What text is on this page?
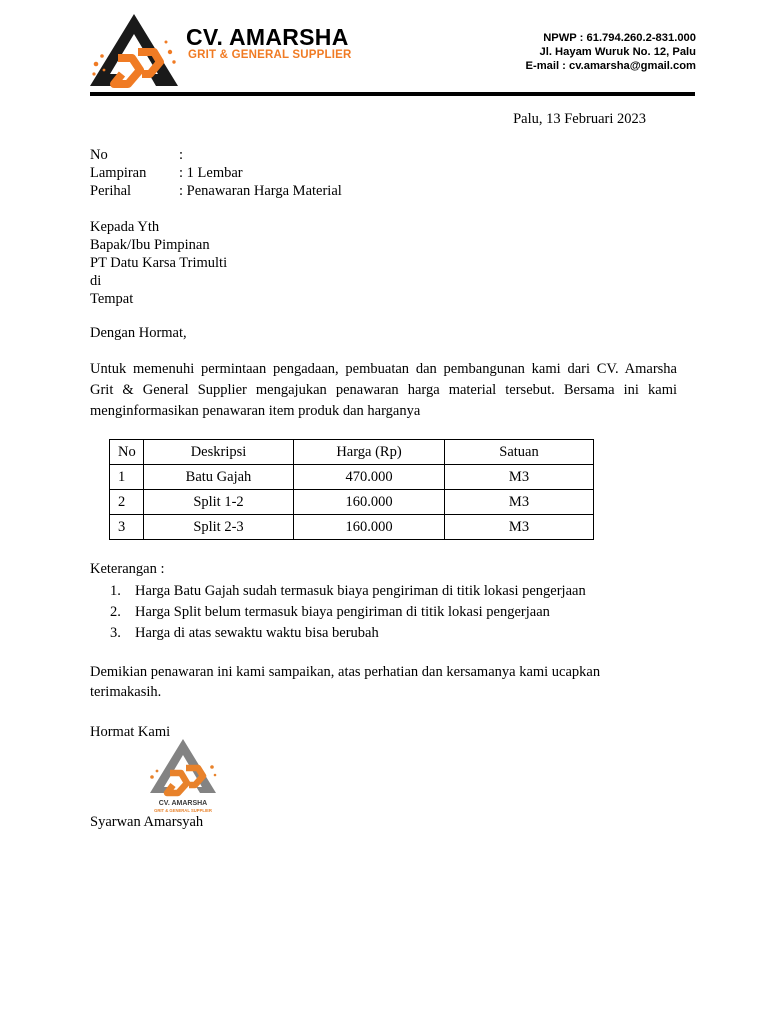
CV. AMARSHA
GRIT & GENERAL SUPPLIER
NPWP : 61.794.260.2-831.000
Jl. Hayam Wuruk No. 12, Palu
E-mail : cv.amarsha@gmail.com
Palu, 13 Februari 2023
No	:
Lampiran	: 1 Lembar
Perihal	: Penawaran Harga Material
Kepada Yth
Bapak/Ibu Pimpinan
PT Datu Karsa Trimulti
di
Tempat
Dengan Hormat,
Untuk memenuhi permintaan pengadaan, pembuatan dan pembangunan kami dari CV. Amarsha
Grit & General Supplier mengajukan penawaran harga material tersebut. Bersama ini kami
menginformasikan penawaran item produk dan harganya
No	Deskripsi	Harga (Rp)	Satuan
1	Batu Gajah	470.000	M3
2	Split 1-2	160.000	M3
3	Split 2-3	160.000	M3
Keterangan :
1. Harga Batu Gajah sudah termasuk biaya pengiriman di titik lokasi pengerjaan
2. Harga Split belum termasuk biaya pengiriman di titik lokasi pengerjaan
3. Harga di atas sewaktu waktu bisa berubah
Demikian penawaran ini kami sampaikan, atas perhatian dan kersamanya kami ucapkan
terimakasih.
Hormat Kami
CV. AMARSHA
GRIT & GENERAL SUPPLIER
Syarwan Amarsyah
